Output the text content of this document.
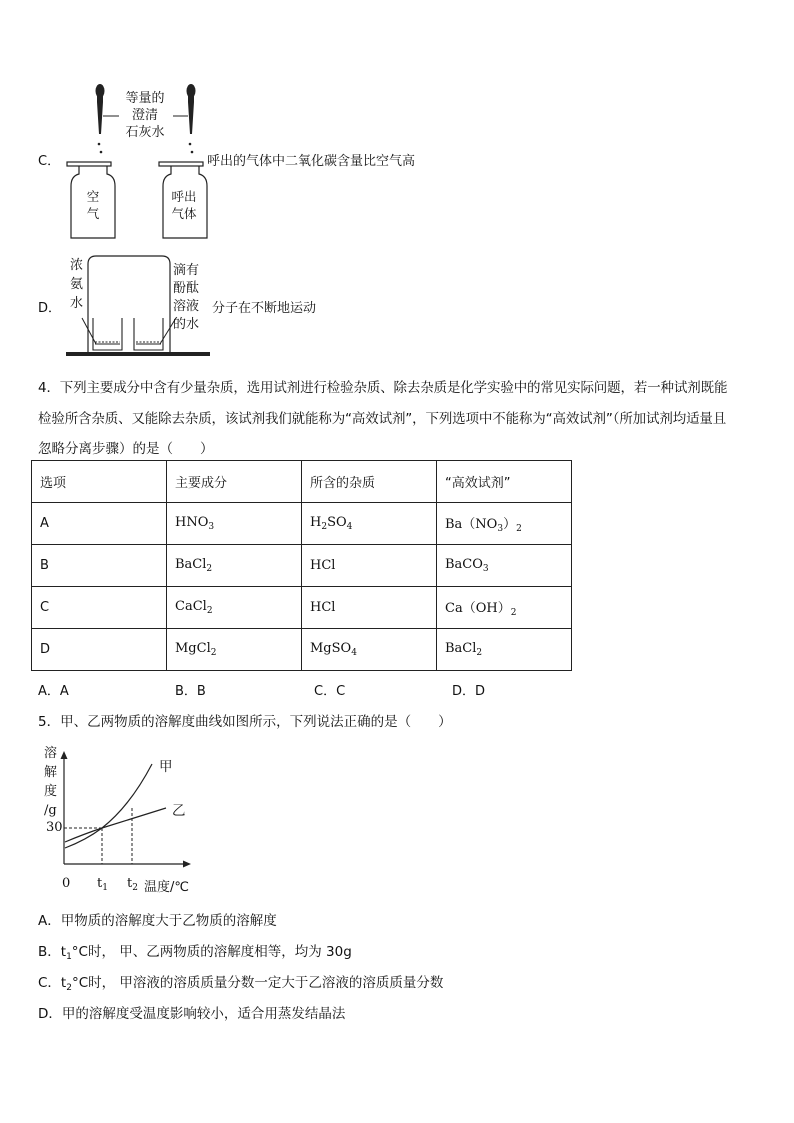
C．
等量的
澄清
石灰水
空
气
呼出
气体
呼出的气体中二氧化碳含量比空气高
D．
浓
氨
水
滴有
酚酞
溶液
的水
分子在不断地运动
4．下列主要成分中含有少量杂质，选用试剂进行检验杂质、除去杂质是化学实验中的常见实际问题，若一种试剂既能
检验所含杂质、又能除去杂质，该试剂我们就能称为“高效试剂”，下列选项中不能称为“高效试剂”（所加试剂均适量且
忽略分离步骤）的是（　　）
选项	主要成分	所含的杂质	“高效试剂”
A	$HNO_3$	$H_2SO_4$	$Ba(NO_3)_2$
B	BaCl$_2$	HCl	BaCO$_3$
C	CaCl$_2$	HCl	$Ca(OH)_2$
D	MgCl$_2$	MgSO$_4$	BaCl$_2$
A．A	B．B	C．C	D．D
5．甲、乙两物质的溶解度曲线如图所示，下列说法正确的是（　　）
溶
解
度
/g
30
0 $t_1$ $t_2$ 温度/℃
甲
乙
A．甲物质的溶解度大于乙物质的溶解度
B．$t_1^\circ C$时， 甲、乙两物质的溶解度相等，均为 30g
C．$t_2^\circ C$时， 甲溶液的溶质质量分数一定大于乙溶液的溶质质量分数
D．甲的溶解度受温度影响较小，适合用蒸发结晶法
